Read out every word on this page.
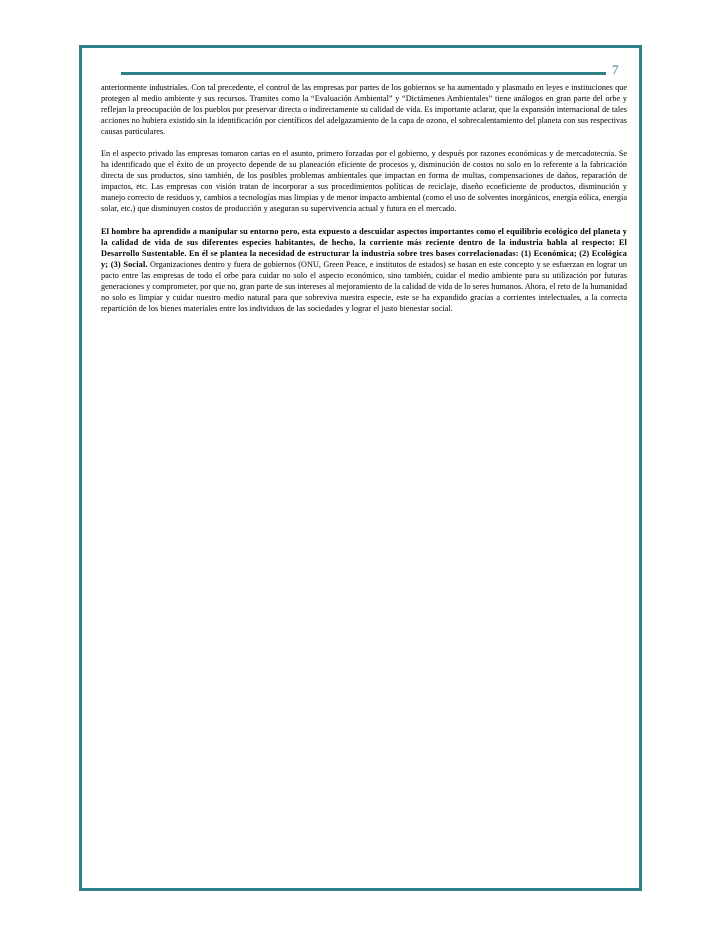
7

anteriormente industriales. Con tal precedente, el control de las empresas por partes de los gobiernos se ha aumentado y plasmado en leyes e instituciones que protegen al medio ambiente y sus recursos. Tramites como la “Evaluación Ambiental” y “Dictámenes Ambientales” tiene análogos en gran parte del orbe y reflejan la preocupación de los pueblos por preservar directa o indirectamente su calidad de vida. Es importante aclarar, que la expansión internacional de tales acciones no hubiera existido sin la identificación por científicos del adelgazamiento de la capa de ozono, el sobrecalentamiento del planeta con sus respectivas causas particulares.

En el aspecto privado las empresas tomaron cartas en el asunto, primero forzadas por el gobierno, y después por razones económicas y de mercadotecnia. Se ha identificado que el éxito de un proyecto depende de su planeación eficiente de procesos y, disminución de costos no solo en lo referente a la fabricación directa de sus productos, sino también, de los posibles problemas ambientales que impactan en forma de multas, compensaciones de daños, reparación de impactos, etc. Las empresas con visión tratan de incorporar a sus procedimientos políticas de reciclaje, diseño ecoeficiente de productos, disminución y manejo correcto de residuos y, cambios a tecnologías mas limpias y de menor impacto ambiental (como el uso de solventes inorgánicos, energía eólica, energía solar, etc.) que disminuyen costos de producción y aseguran su supervivencia actual y futura en el mercado.

El hombre ha aprendido a manipular su entorno pero, esta expuesto a descuidar aspectos importantes como el equilibrio ecológico del planeta y la calidad de vida de sus diferentes especies habitantes, de hecho, la corriente más reciente dentro de la industria habla al respecto: El Desarrollo Sustentable. En él se plantea la necesidad de estructurar la industria sobre tres bases correlacionadas: (1) Económica; (2) Ecológica y; (3) Social. Organizaciones dentro y fuera de gobiernos (ONU, Green Peace, e institutos de estados) se basan en este concepto y se esfuerzan en lograr un pacto entre las empresas de todo el orbe para cuidar no solo el aspecto económico, sino también, cuidar el medio ambiente para su utilización por futuras generaciones y comprometer, por que no, gran parte de sus intereses al mejoramiento de la calidad de vida de lo seres humanos. Ahora, el reto de la humanidad no solo es limpiar y cuidar nuestro medio natural para que sobreviva nuestra especie, este se ha expandido gracias a corrientes intelectuales, a la correcta repartición de los bienes materiales entre los individuos de las sociedades y lograr el justo bienestar social.
